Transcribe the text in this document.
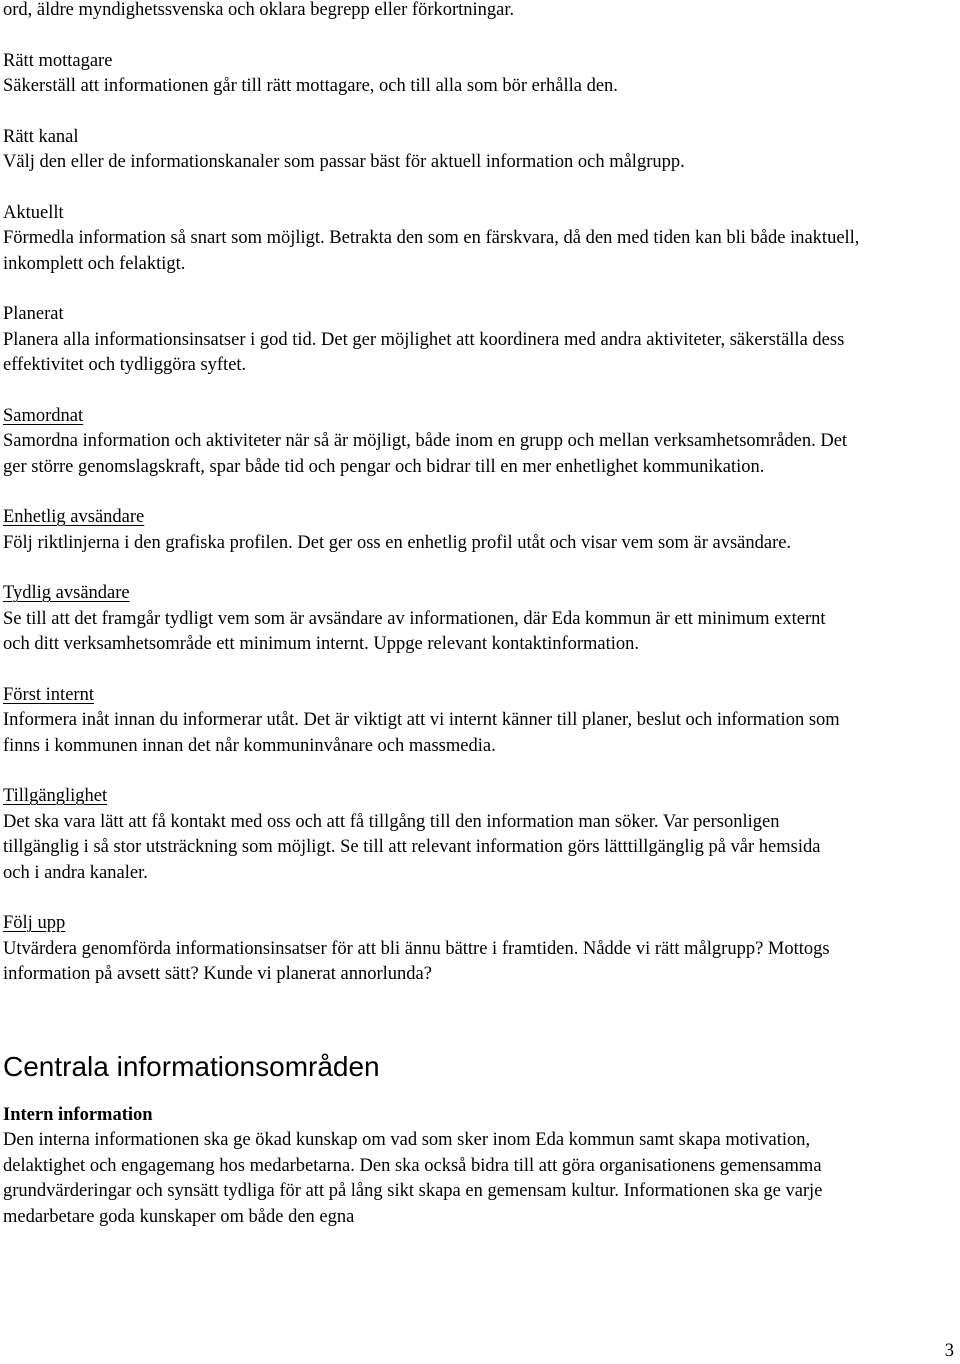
ord, äldre myndighetssvenska och oklara begrepp eller förkortningar.

Rätt mottagare

Säkerställ att informationen går till rätt mottagare, och till alla som bör erhålla den.

Rätt kanal

Välj den eller de informationskanaler som passar bäst för aktuell information och målgrupp.

Aktuellt

Förmedla information så snart som möjligt. Betrakta den som en färskvara, då den med tiden kan bli både inaktuell, inkomplett och felaktigt.

Planerat

Planera alla informationsinsatser i god tid. Det ger möjlighet att koordinera med andra aktiviteter, säkerställa dess effektivitet och tydliggöra syftet.

Samordnat

Samordna information och aktiviteter när så är möjligt, både inom en grupp och mellan verksamhetsområden. Det ger större genomslagskraft, spar både tid och pengar och bidrar till en mer enhetlighet kommunikation.

Enhetlig avsändare

Följ riktlinjerna i den grafiska profilen. Det ger oss en enhetlig profil utåt och visar vem som är avsändare.

Tydlig avsändare

Se till att det framgår tydligt vem som är avsändare av informationen, där Eda kommun är ett minimum externt och ditt verksamhetsområde ett minimum internt. Uppge relevant kontaktinformation.

Först internt

Informera inåt innan du informerar utåt. Det är viktigt att vi internt känner till planer, beslut och information som finns i kommunen innan det når kommuninvånare och massmedia.

Tillgänglighet

Det ska vara lätt att få kontakt med oss och att få tillgång till den information man söker. Var personligen tillgänglig i så stor utsträckning som möjligt. Se till att relevant information görs lätttillgänglig på vår hemsida och i andra kanaler.

Följ upp

Utvärdera genomförda informationsinsatser för att bli ännu bättre i framtiden. Nådde vi rätt målgrupp? Mottogs information på avsett sätt? Kunde vi planerat annorlunda?

Centrala informationsområden
Intern information

Den interna informationen ska ge ökad kunskap om vad som sker inom Eda kommun samt skapa motivation, delaktighet och engagemang hos medarbetarna. Den ska också bidra till att göra organisationens gemensamma grundvärderingar och synsätt tydliga för att på lång sikt skapa en gemensam kultur. Informationen ska ge varje medarbetare goda kunskaper om både den egna

3
